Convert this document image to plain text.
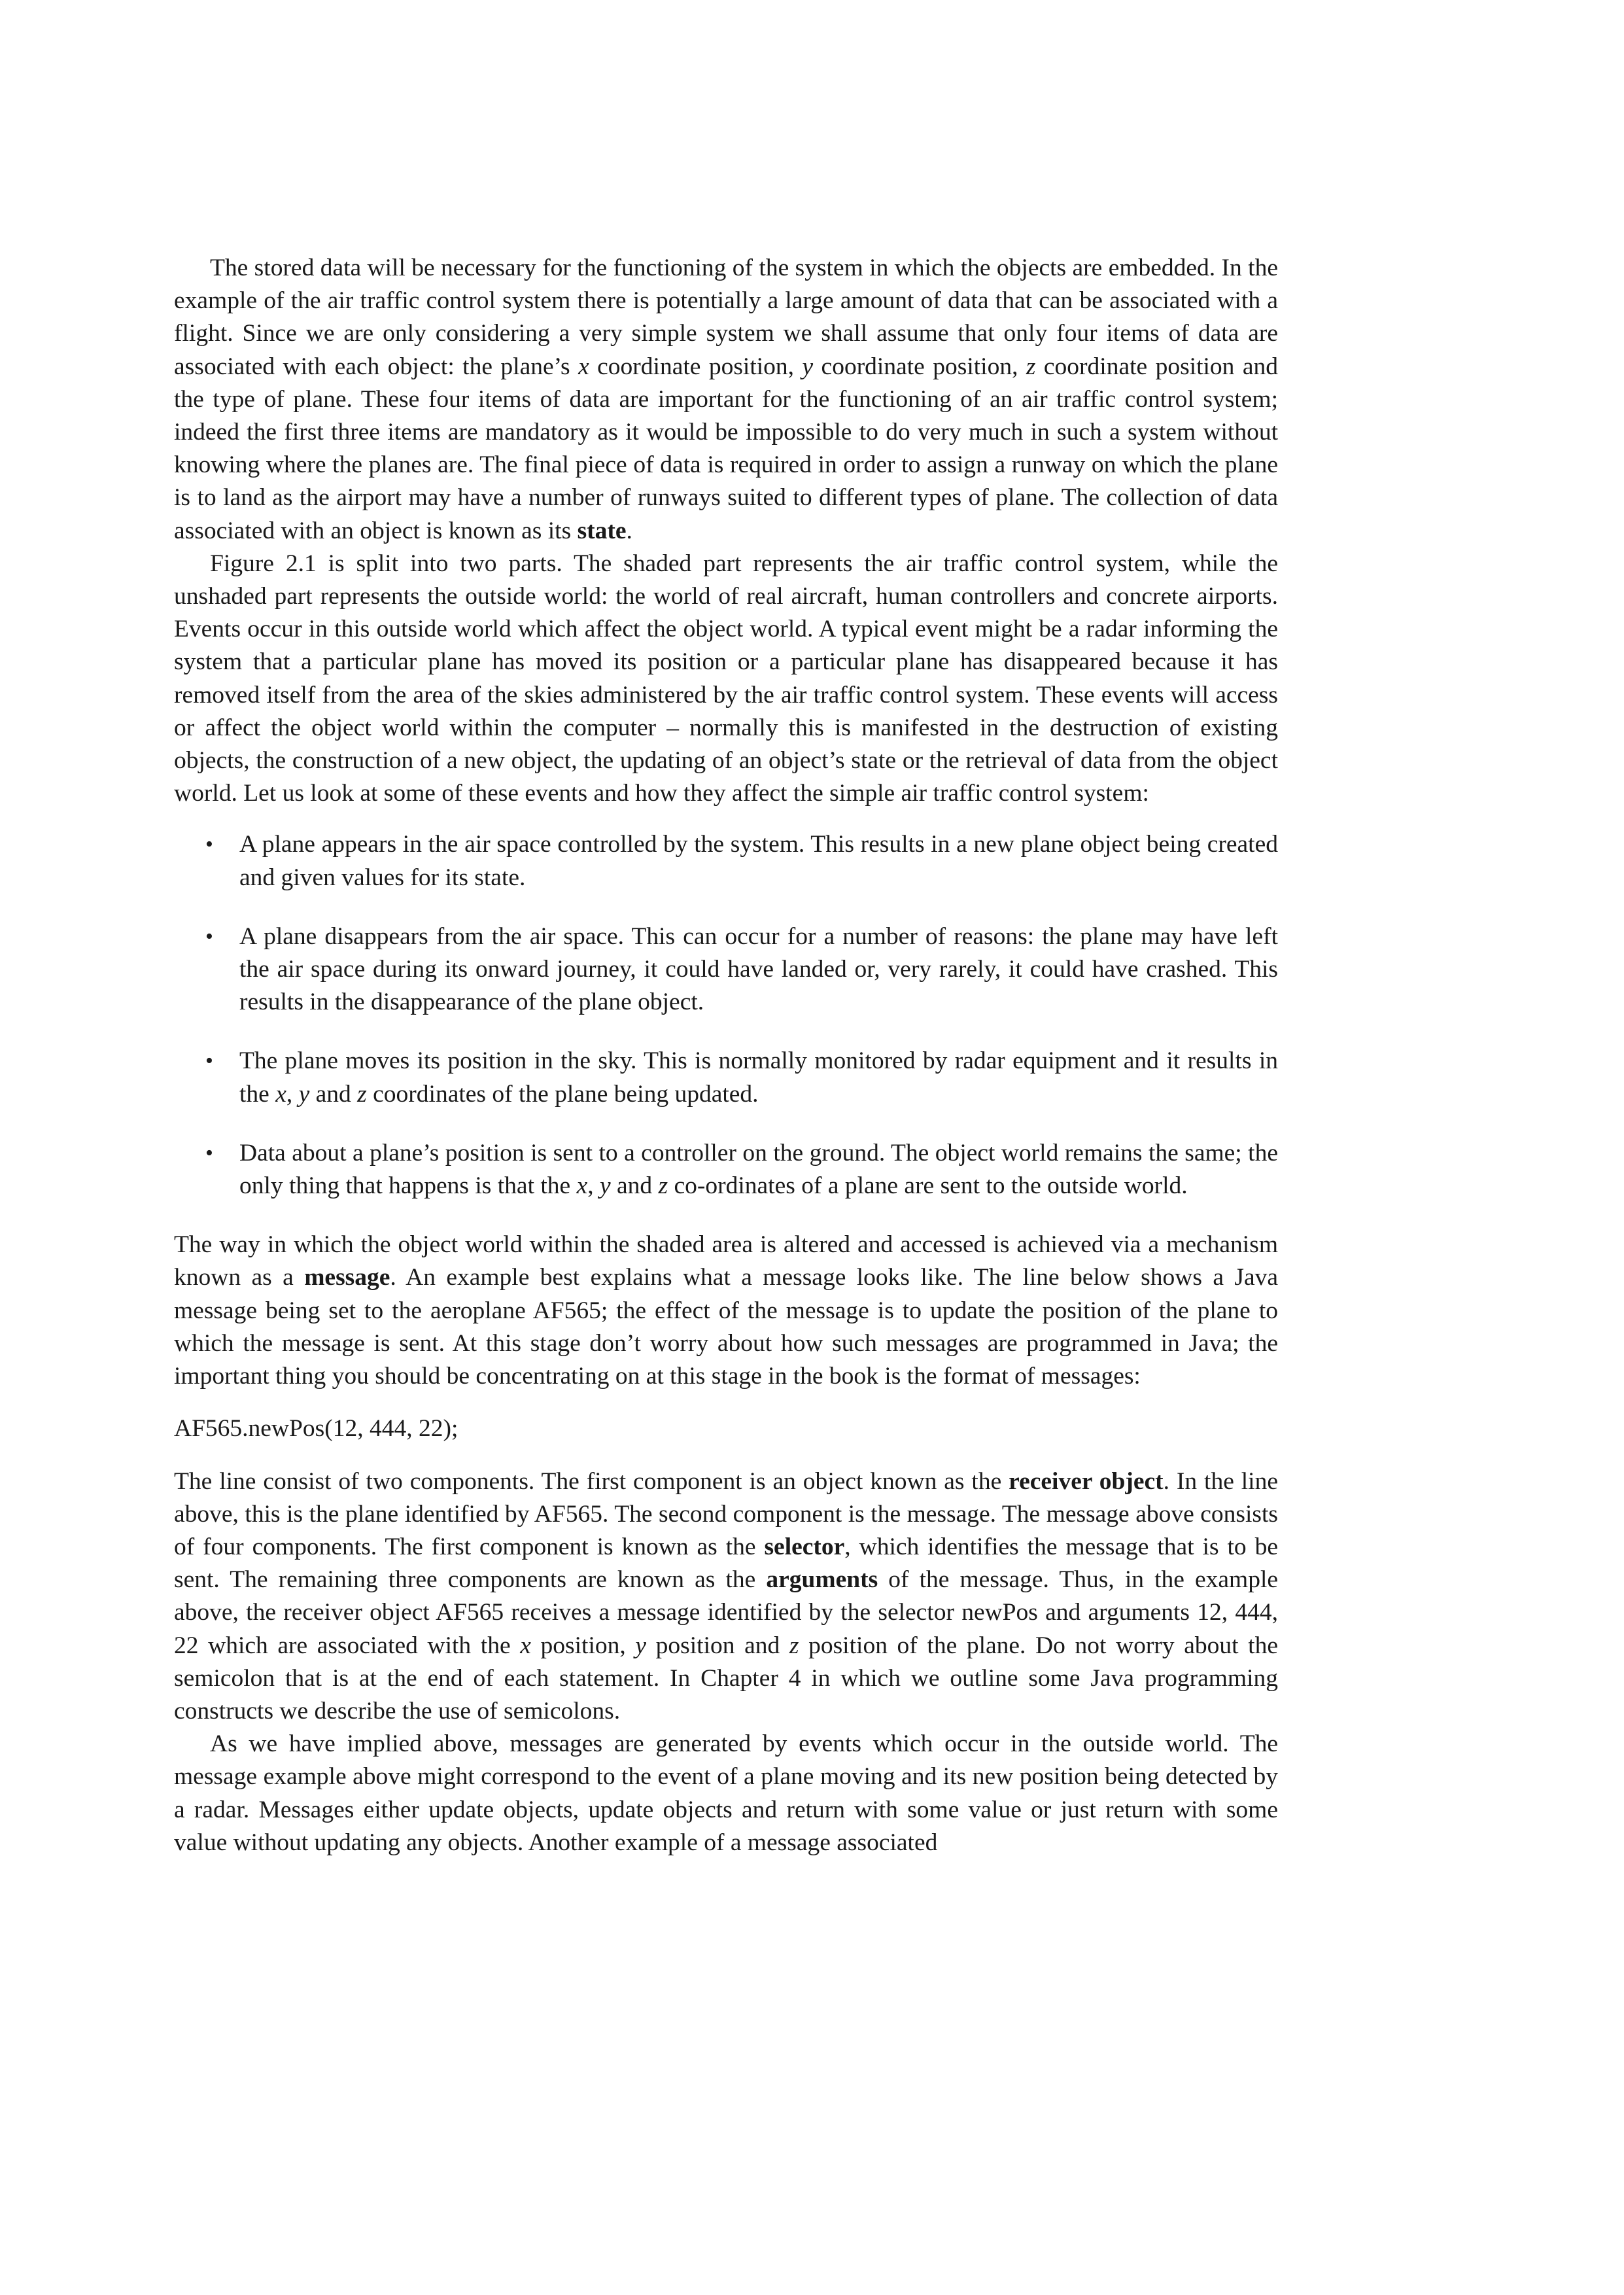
The stored data will be necessary for the functioning of the system in which the objects are embedded. In the example of the air traffic control system there is potentially a large amount of data that can be associated with a flight. Since we are only considering a very simple system we shall assume that only four items of data are associated with each object: the plane’s x coordinate position, y coordinate position, z coordinate position and the type of plane. These four items of data are important for the functioning of an air traffic control system; indeed the first three items are mandatory as it would be impossible to do very much in such a system without knowing where the planes are. The final piece of data is required in order to assign a runway on which the plane is to land as the airport may have a number of runways suited to different types of plane. The collection of data associated with an object is known as its state.

Figure 2.1 is split into two parts. The shaded part represents the air traffic control system, while the unshaded part represents the outside world: the world of real aircraft, human controllers and concrete airports. Events occur in this outside world which affect the object world. A typical event might be a radar informing the system that a particular plane has moved its position or a particular plane has disappeared because it has removed itself from the area of the skies administered by the air traffic control system. These events will access or affect the object world within the computer – normally this is manifested in the destruction of existing objects, the construction of a new object, the updating of an object’s state or the retrieval of data from the object world. Let us look at some of these events and how they affect the simple air traffic control system:

• A plane appears in the air space controlled by the system. This results in a new plane object being created and given values for its state.
• A plane disappears from the air space. This can occur for a number of reasons: the plane may have left the air space during its onward journey, it could have landed or, very rarely, it could have crashed. This results in the disappearance of the plane object.
• The plane moves its position in the sky. This is normally monitored by radar equipment and it results in the x, y and z coordinates of the plane being updated.
• Data about a plane’s position is sent to a controller on the ground. The object world remains the same; the only thing that happens is that the x, y and z co-ordinates of a plane are sent to the outside world.

The way in which the object world within the shaded area is altered and accessed is achieved via a mechanism known as a message. An example best explains what a message looks like. The line below shows a Java message being set to the aeroplane AF565; the effect of the message is to update the position of the plane to which the message is sent. At this stage don’t worry about how such messages are programmed in Java; the important thing you should be concentrating on at this stage in the book is the format of messages:

AF565.newPos(12, 444, 22);

The line consist of two components. The first component is an object known as the receiver object. In the line above, this is the plane identified by AF565. The second component is the message. The message above consists of four components. The first component is known as the selector, which identifies the message that is to be sent. The remaining three components are known as the arguments of the message. Thus, in the example above, the receiver object AF565 receives a message identified by the selector newPos and arguments 12, 444, 22 which are associated with the x position, y position and z position of the plane. Do not worry about the semicolon that is at the end of each statement. In Chapter 4 in which we outline some Java programming constructs we describe the use of semicolons.

As we have implied above, messages are generated by events which occur in the outside world. The message example above might correspond to the event of a plane moving and its new position being detected by a radar. Messages either update objects, update objects and return with some value or just return with some value without updating any objects. Another example of a message associated
